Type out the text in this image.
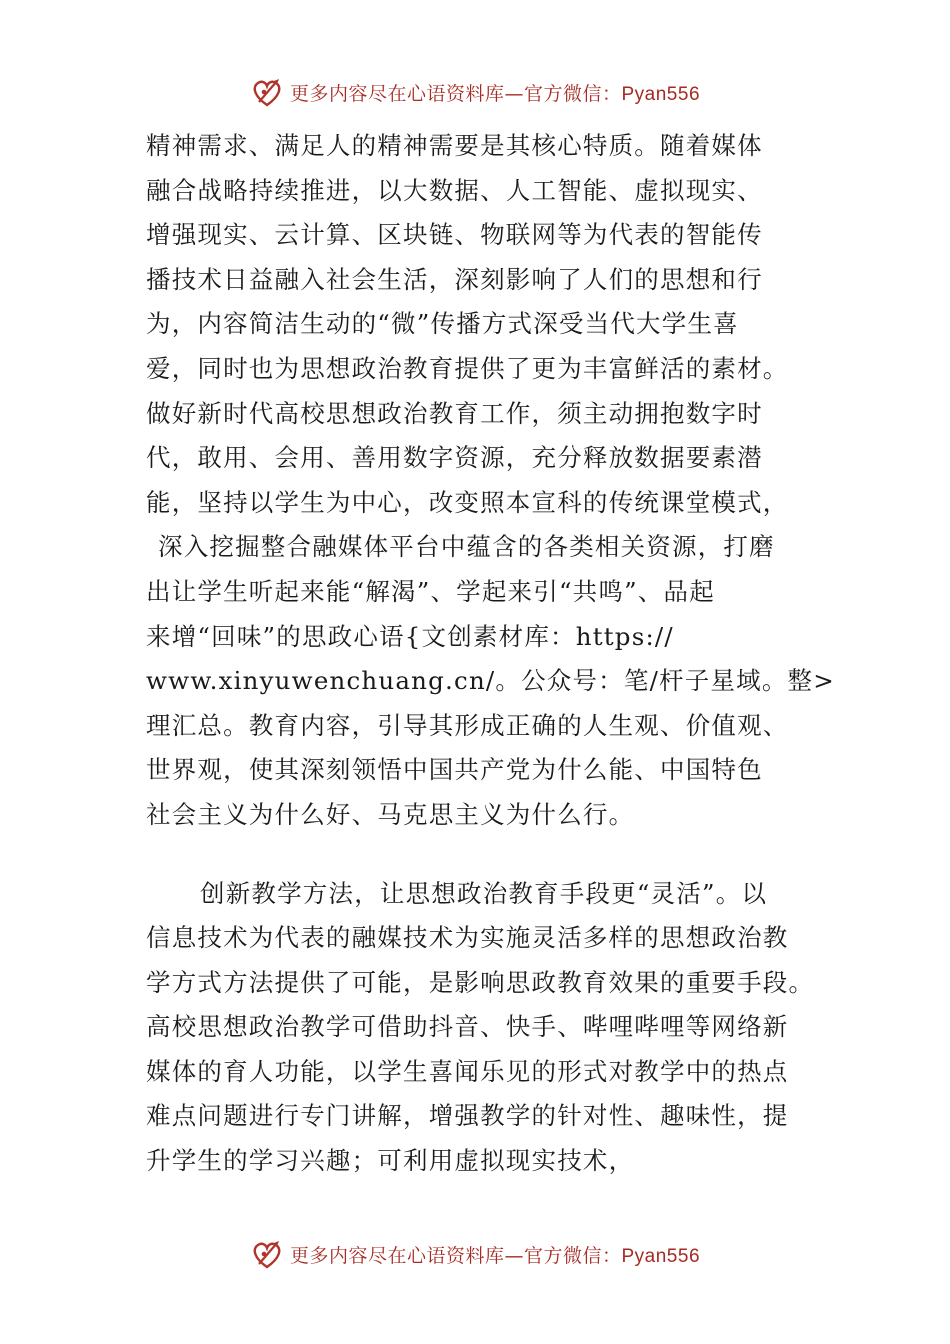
更多内容尽在心语资料库—官方微信：Pyan556
精神需求、满足人的精神需要是其核心特质。随着媒体
融合战略持续推进，以大数据、人工智能、虚拟现实、
增强现实、云计算、区块链、物联网等为代表的智能传
播技术日益融入社会生活，深刻影响了人们的思想和行
为，内容简洁生动的“微”传播方式深受当代大学生喜
爱，同时也为思想政治教育提供了更为丰富鲜活的素材。
做好新时代高校思想政治教育工作，须主动拥抱数字时
代，敢用、会用、善用数字资源，充分释放数据要素潜
能，坚持以学生为中心，改变照本宣科的传统课堂模式，
深入挖掘整合融媒体平台中蕴含的各类相关资源，打磨
出让学生听起来能“解渴”、学起来引“共鸣”、品起
来增“回味”的思政心语{文创素材库：https://
www.xinyuwenchuang.cn/。公众号：笔/杆子星域。整>
理汇总。教育内容，引导其形成正确的人生观、价值观、
世界观，使其深刻领悟中国共产党为什么能、中国特色
社会主义为什么好、马克思主义为什么行。
创新教学方法，让思想政治教育手段更“灵活”。以
信息技术为代表的融媒技术为实施灵活多样的思想政治教
学方式方法提供了可能，是影响思政教育效果的重要手段。
高校思想政治教学可借助抖音、快手、哔哩哔哩等网络新
媒体的育人功能，以学生喜闻乐见的形式对教学中的热点
难点问题进行专门讲解，增强教学的针对性、趣味性，提
升学生的学习兴趣；可利用虚拟现实技术，
更多内容尽在心语资料库—官方微信：Pyan556
